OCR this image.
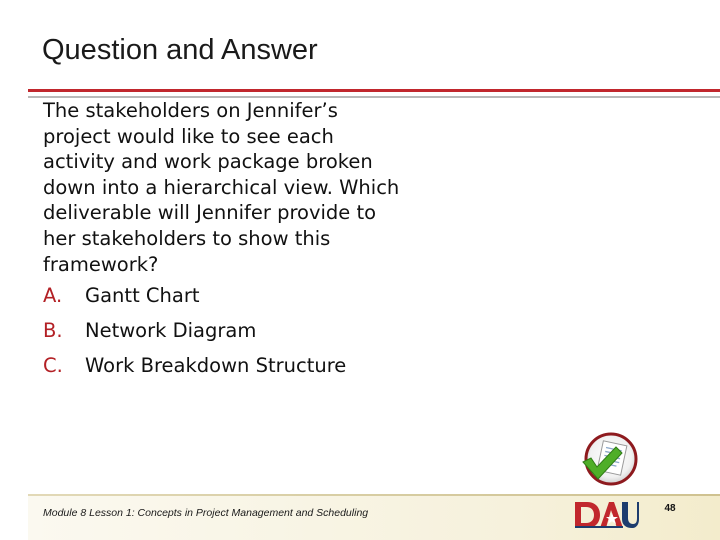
Question and Answer
The stakeholders on Jennifer’s project would like to see each activity and work package broken down into a hierarchical view. Which deliverable will Jennifer provide to her stakeholders to show this framework?
A.	Gantt Chart
B.	Network Diagram
C.	Work Breakdown Structure
Module 8 Lesson 1: Concepts in Project Management and Scheduling	48
